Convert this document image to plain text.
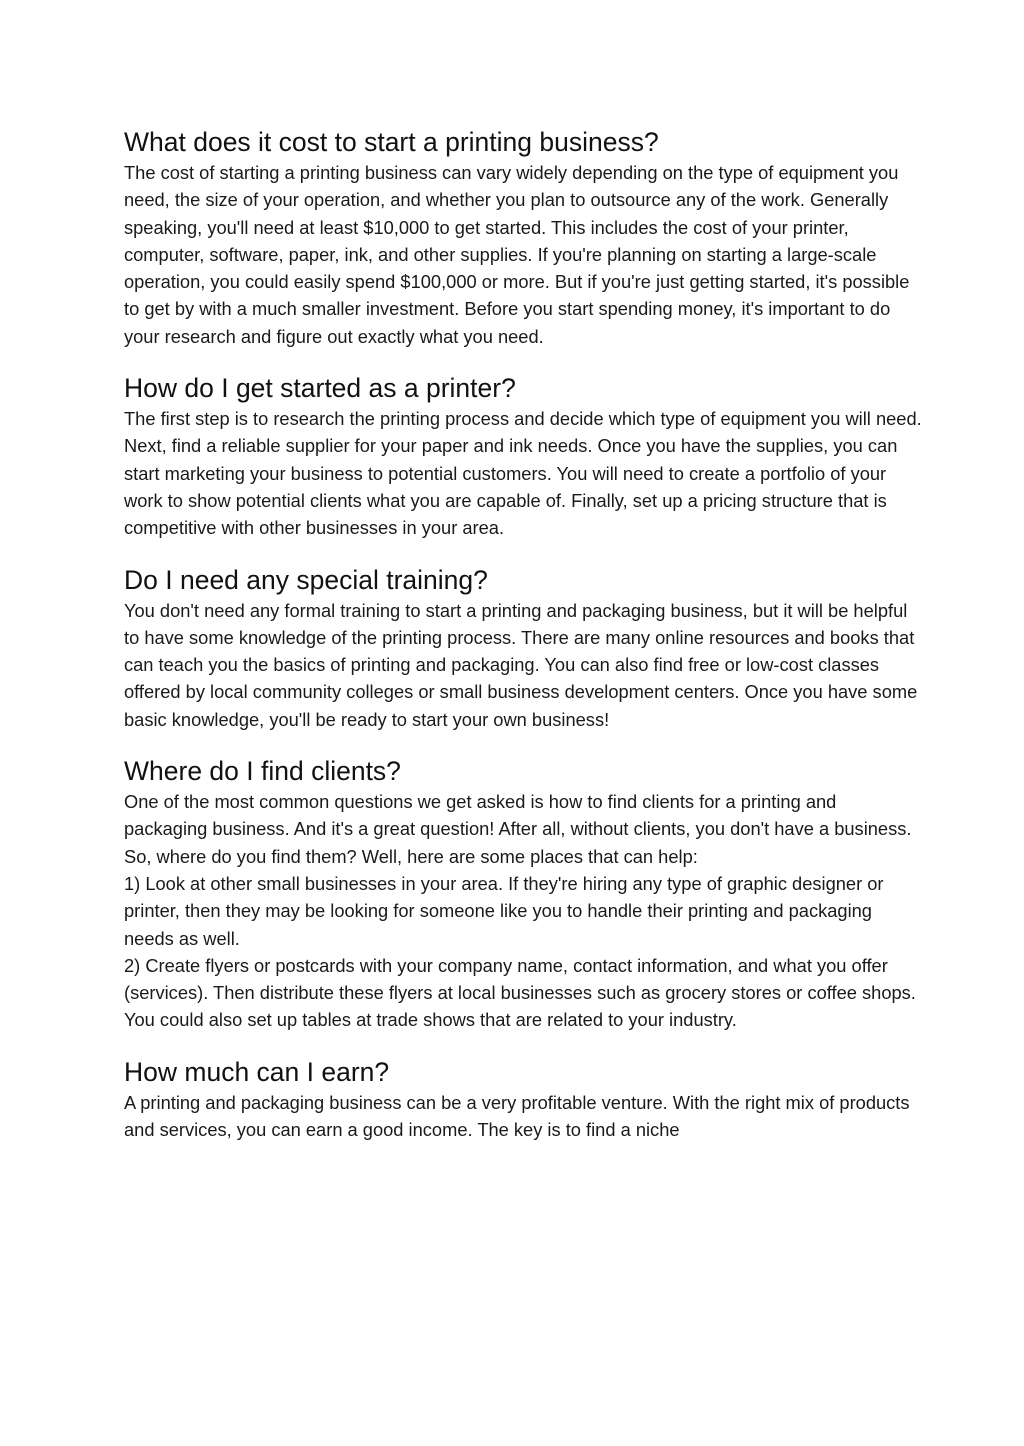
What does it cost to start a printing business?

The cost of starting a printing business can vary widely depending on the type of equipment you need, the size of your operation, and whether you plan to outsource any of the work. Generally speaking, you'll need at least $10,000 to get started. This includes the cost of your printer, computer, software, paper, ink, and other supplies. If you're planning on starting a large-scale operation, you could easily spend $100,000 or more. But if you're just getting started, it's possible to get by with a much smaller investment. Before you start spending money, it's important to do your research and figure out exactly what you need.

How do I get started as a printer?

The first step is to research the printing process and decide which type of equipment you will need. Next, find a reliable supplier for your paper and ink needs. Once you have the supplies, you can start marketing your business to potential customers. You will need to create a portfolio of your work to show potential clients what you are capable of. Finally, set up a pricing structure that is competitive with other businesses in your area.

Do I need any special training?

You don't need any formal training to start a printing and packaging business, but it will be helpful to have some knowledge of the printing process. There are many online resources and books that can teach you the basics of printing and packaging. You can also find free or low-cost classes offered by local community colleges or small business development centers. Once you have some basic knowledge, you'll be ready to start your own business!

Where do I find clients?

One of the most common questions we get asked is how to find clients for a printing and packaging business. And it's a great question! After all, without clients, you don't have a business. So, where do you find them? Well, here are some places that can help:

1) Look at other small businesses in your area. If they're hiring any type of graphic designer or printer, then they may be looking for someone like you to handle their printing and packaging needs as well.

2) Create flyers or postcards with your company name, contact information, and what you offer (services). Then distribute these flyers at local businesses such as grocery stores or coffee shops. You could also set up tables at trade shows that are related to your industry.

How much can I earn?

A printing and packaging business can be a very profitable venture. With the right mix of products and services, you can earn a good income. The key is to find a niche
